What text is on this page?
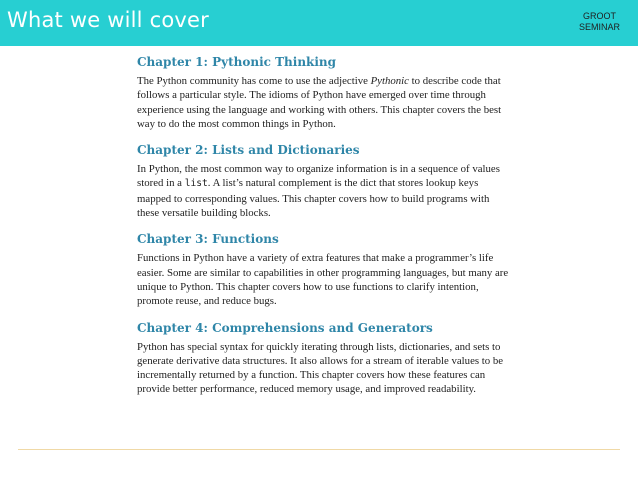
What we will cover	GROOT
SEMINAR
Chapter 1: Pythonic Thinking
The Python community has come to use the adjective Pythonic to describe code that follows a particular style. The idioms of Python have emerged over time through experience using the language and working with others. This chapter covers the best way to do the most common things in Python.
Chapter 2: Lists and Dictionaries
In Python, the most common way to organize information is in a sequence of values stored in a list. A list’s natural complement is the dict that stores lookup keys mapped to corresponding values. This chapter covers how to build programs with these versatile building blocks.
Chapter 3: Functions
Functions in Python have a variety of extra features that make a programmer’s life easier. Some are similar to capabilities in other programming languages, but many are unique to Python. This chapter covers how to use functions to clarify intention, promote reuse, and reduce bugs.
Chapter 4: Comprehensions and Generators
Python has special syntax for quickly iterating through lists, dictionaries, and sets to generate derivative data structures. It also allows for a stream of iterable values to be incrementally returned by a function. This chapter covers how these features can provide better performance, reduced memory usage, and improved readability.
